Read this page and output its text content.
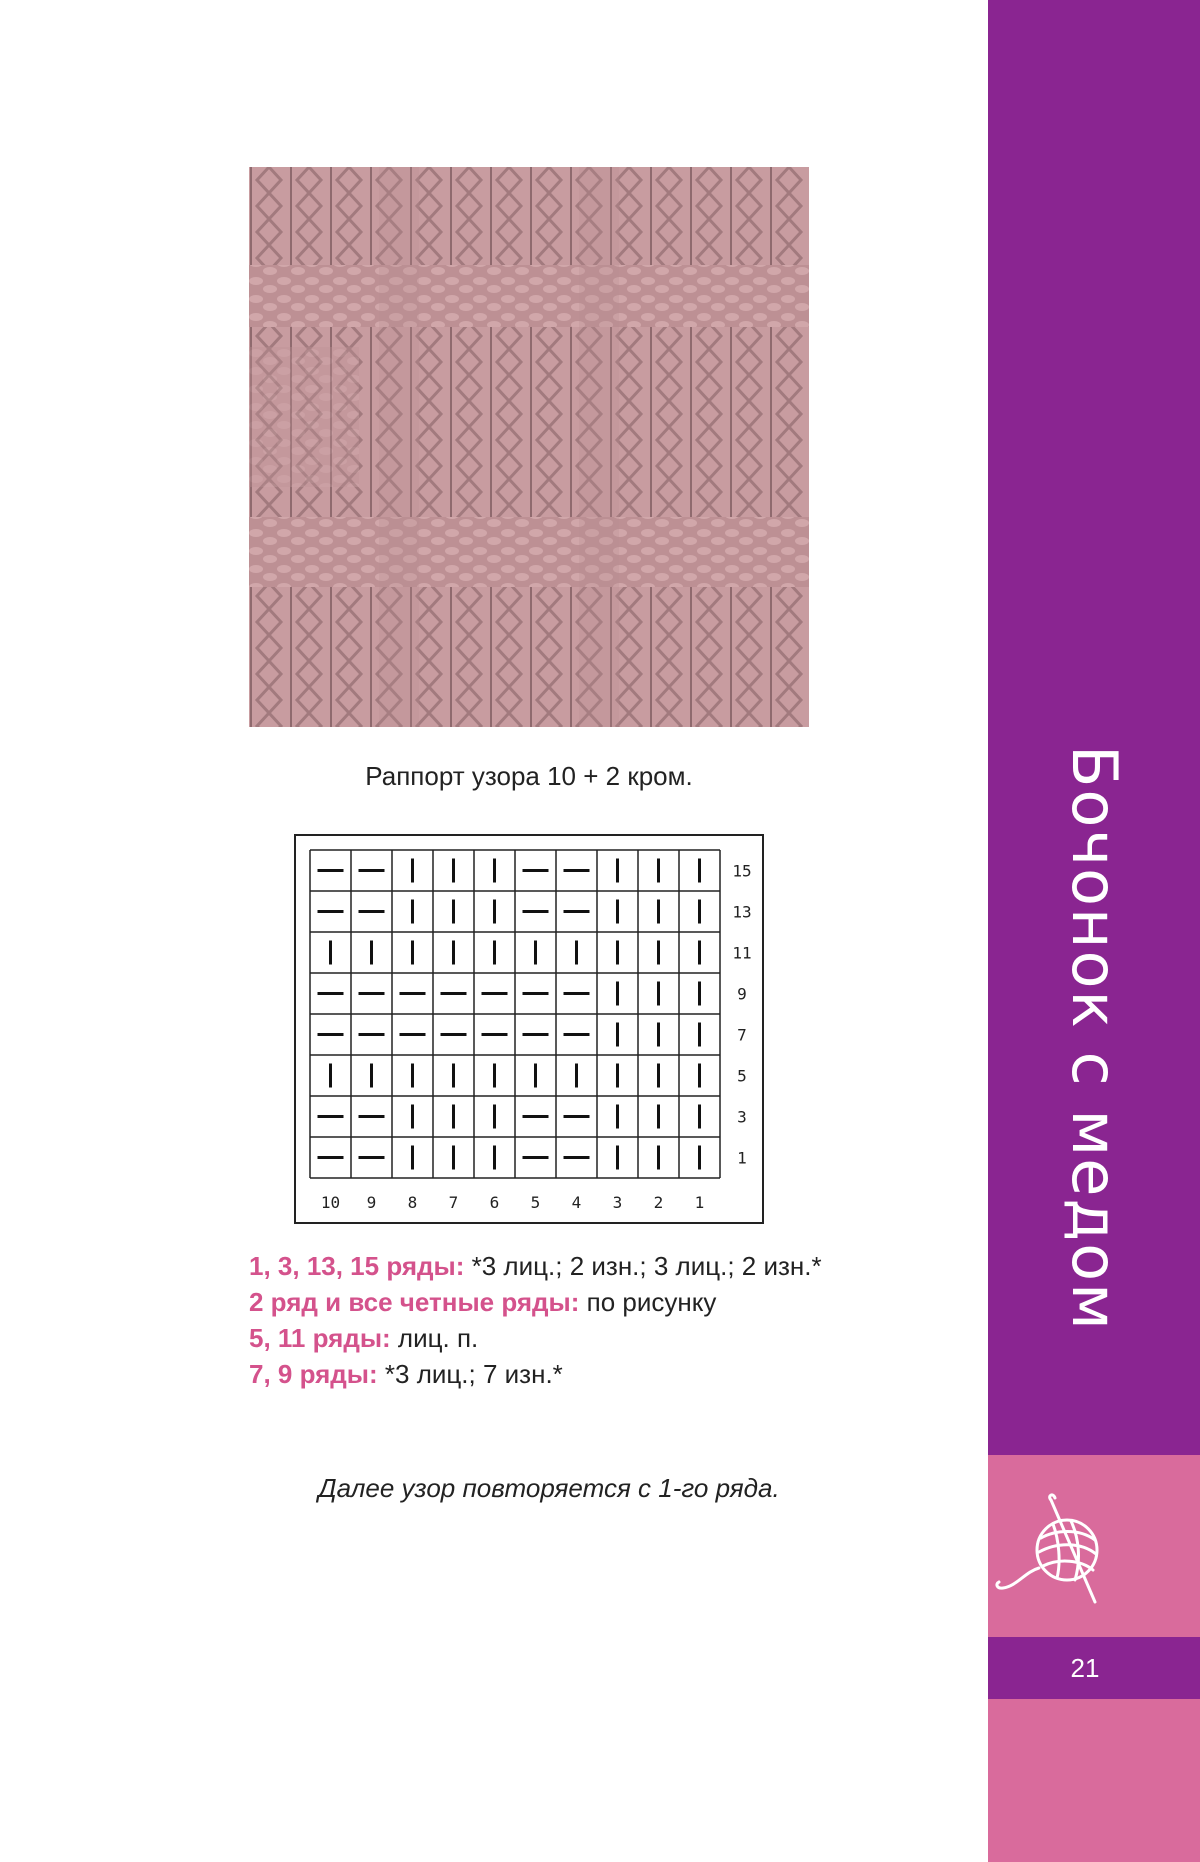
Бочонок с медом
21
Раппорт узора 10 + 2 кром.
15
13
11
9
7
5
3
1
10 9 8 7 6 5 4 3 2 1

1, 3, 13, 15 ряды: *3 лиц.; 2 изн.; 3 лиц.; 2 изн.*

2 ряд и все четные ряды: по рисунку

5, 11 ряды: лиц. п.

7, 9 ряды: *3 лиц.; 7 изн.*

Далее узор повторяется с 1-го ряда.
